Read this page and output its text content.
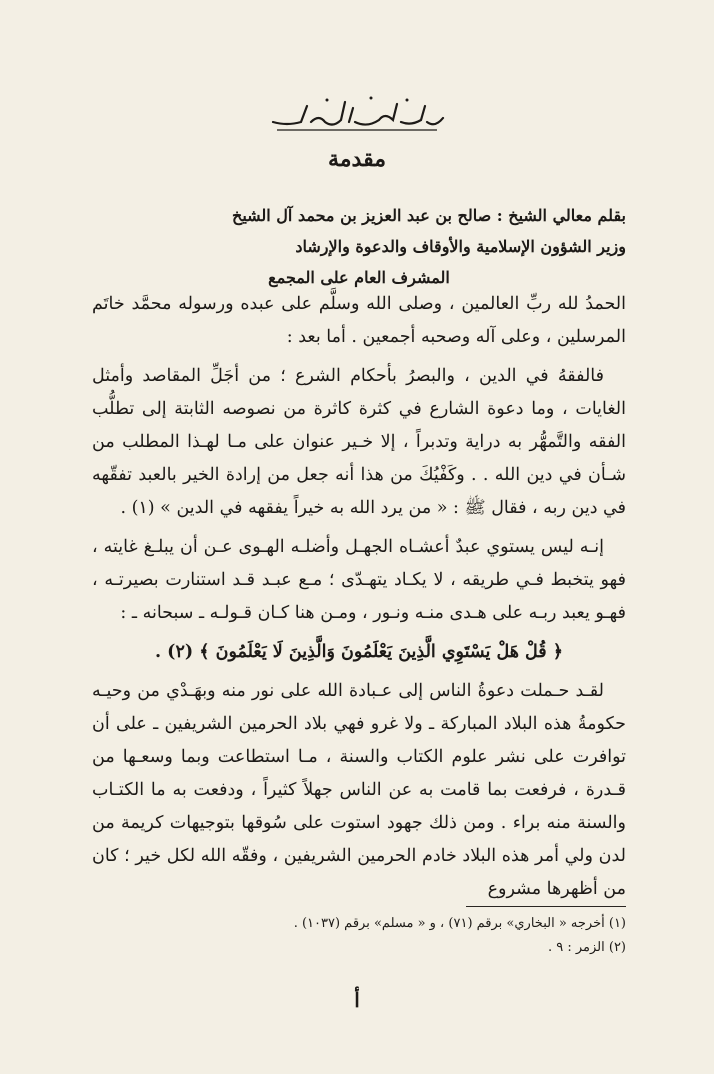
مقدمة
بقلم معالي الشيخ : صالح بن عبد العزيز بن محمد آل الشيخ
وزير الشؤون الإسلامية والأوقاف والدعوة والإرشاد
المشرف العام على المجمع

الحمدُ لله ربِّ العالمين ، وصلى الله وسلَّم على عبده ورسوله محمَّد خاتَم المرسلين ، وعلى آله وصحبه أجمعين . أما بعد :

فالفقهُ في الدين ، والبصرُ بأحكام الشرع ؛ من أجَلِّ المقاصد وأمثل الغايات ، وما دعوة الشارع في كثرة كاثرة من نصوصه الثابتة إلى تطلُّب الفقه والتَّمهُّر به دراية وتدبراً ، إلا خـير عنوان على مـا لهـذا المطلب من شـأن في دين الله . . وكَفْيُكَ من هذا أنه جعل من إرادة الخير بالعبد تفقّهه في دين ربه ، فقال ﷺ : « من يرد الله به خيراً يفقهه في الدين » (١) .

إنـه ليس يستوي عبدٌ أعشـاه الجهـل وأضلـه الهـوى عـن أن يبلـغ غايته ، فهو يتخبط فـي طريقه ، لا يكـاد يتهـدّى ؛ مـع عبـد قـد استنارت بصيرتـه ، فهـو يعبد ربـه على هـدى منـه ونـور ، ومـن هنا كـان قـولـه ـ سبحانه ـ :

﴿ قُلْ هَلْ يَسْتَوِي الَّذِينَ يَعْلَمُونَ وَالَّذِينَ لَا يَعْلَمُونَ ﴾ (٢) .

لقـد حـملت دعوةُ الناس إلى عـبادة الله على نور منه وبهَـدْي من وحيـه حكومةُ هذه البلاد المباركة ـ ولا غرو فهي بلاد الحرمين الشريفين ـ على أن توافرت على نشر علوم الكتاب والسنة ، مـا استطاعت وبما وسعـها من قـدرة ، فرفعت بما قامت به عن الناس جهلاً كثيراً ، ودفعت به ما الكتـاب والسنة منه براء . ومن ذلك جهود استوت على سُوقها بتوجيهات كريمة من لدن ولي أمر هذه البلاد خادم الحرمين الشريفين ، وفقّه الله لكل خير ؛ كان من أظهرها مشروع

(١) أخرجه « البخاري» برقم (٧١) ، و « مسلم» برقم (١٠٣٧) .
(٢) الزمر : ٩ .
أ
